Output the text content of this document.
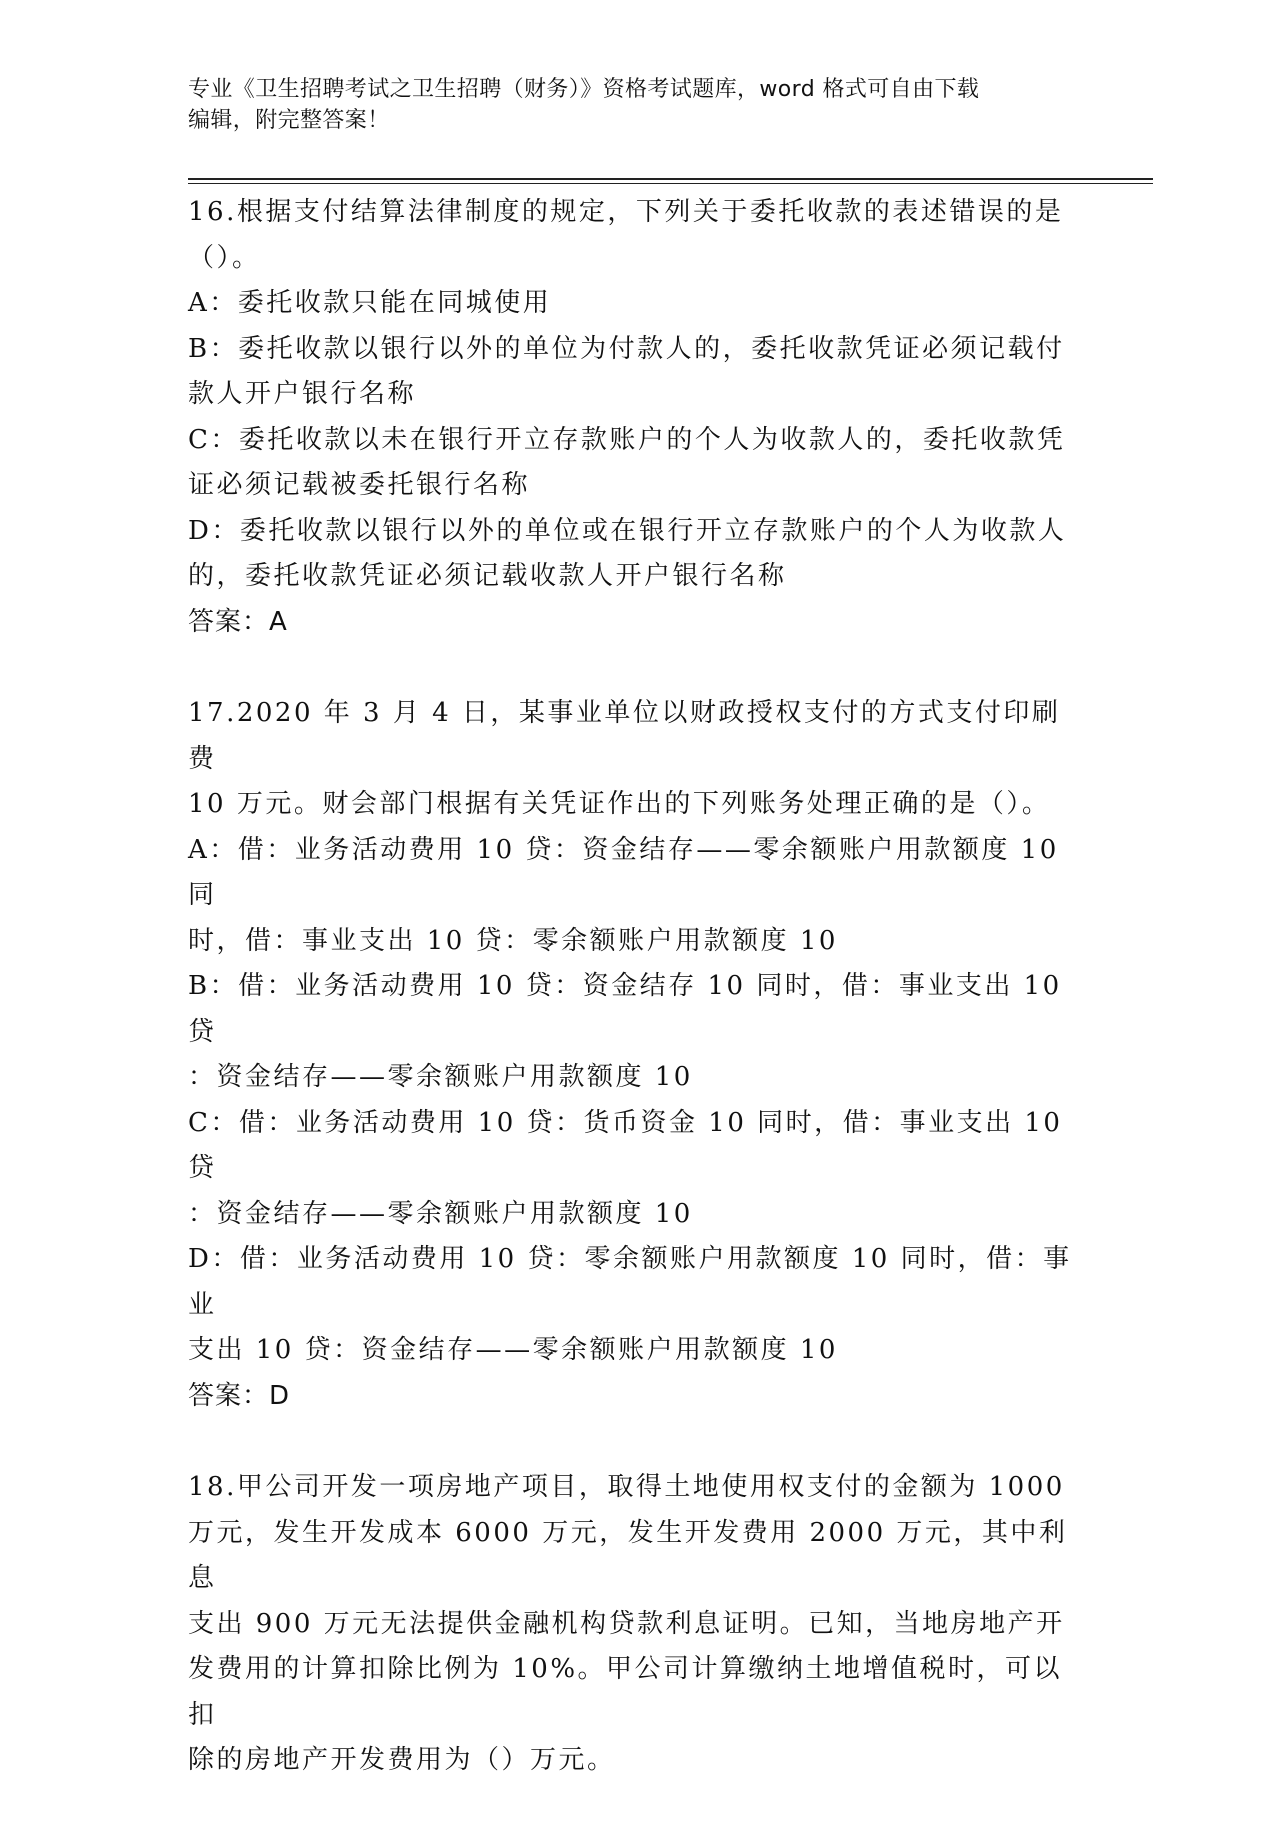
专业《卫生招聘考试之卫生招聘（财务）》资格考试题库，word 格式可自由下载
编辑，附完整答案！

16.根据支付结算法律制度的规定，下列关于委托收款的表述错误的是

（）。

A：委托收款只能在同城使用

B：委托收款以银行以外的单位为付款人的，委托收款凭证必须记载付

款人开户银行名称

C：委托收款以未在银行开立存款账户的个人为收款人的，委托收款凭

证必须记载被委托银行名称

D：委托收款以银行以外的单位或在银行开立存款账户的个人为收款人

的，委托收款凭证必须记载收款人开户银行名称

答案：A

17.2020 年 3 月 4 日，某事业单位以财政授权支付的方式支付印刷费

10 万元。财会部门根据有关凭证作出的下列账务处理正确的是（）。

A：借：业务活动费用 10 贷：资金结存——零余额账户用款额度 10 同

时，借：事业支出 10 贷：零余额账户用款额度 10

B：借：业务活动费用 10 贷：资金结存 10 同时，借：事业支出 10 贷

：资金结存——零余额账户用款额度 10

C：借：业务活动费用 10 贷：货币资金 10 同时，借：事业支出 10 贷

：资金结存——零余额账户用款额度 10

D：借：业务活动费用 10 贷：零余额账户用款额度 10 同时，借：事业

支出 10 贷：资金结存——零余额账户用款额度 10

答案：D

18.甲公司开发一项房地产项目，取得土地使用权支付的金额为 1000

万元，发生开发成本 6000 万元，发生开发费用 2000 万元，其中利息

支出 900 万元无法提供金融机构贷款利息证明。已知，当地房地产开

发费用的计算扣除比例为 10%。甲公司计算缴纳土地增值税时，可以扣

除的房地产开发费用为（）万元。
